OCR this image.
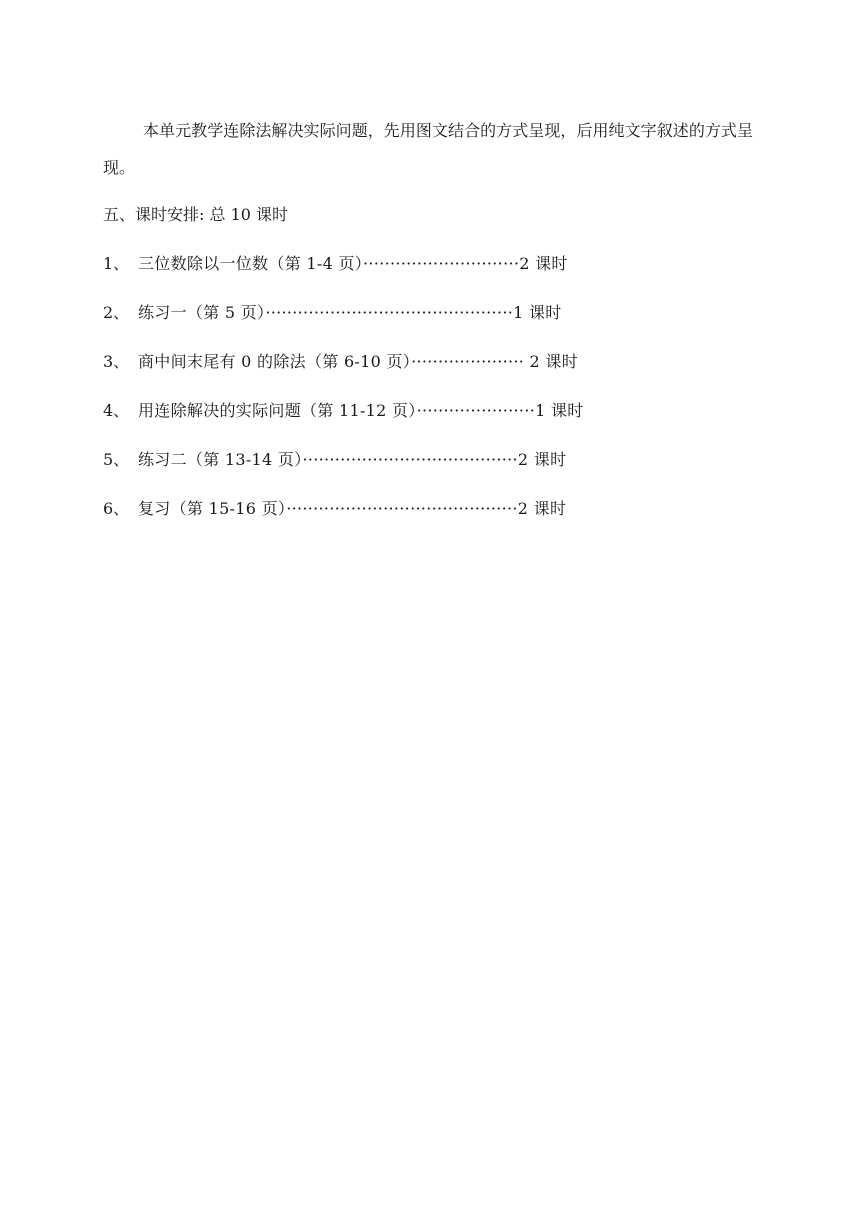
本单元教学连除法解决实际问题，先用图文结合的方式呈现，后用纯文字叙述的方式呈现。

五、课时安排: 总 10 课时

1、 三位数除以一位数（第 1-4 页）·····························2 课时
2、 练习一（第 5 页）··············································1 课时
3、 商中间末尾有 0 的除法（第 6-10 页）····················· 2 课时
4、 用连除解决的实际问题（第 11-12 页）······················1 课时
5、 练习二（第 13-14 页）········································2 课时
6、 复习（第 15-16 页）···········································2 课时
